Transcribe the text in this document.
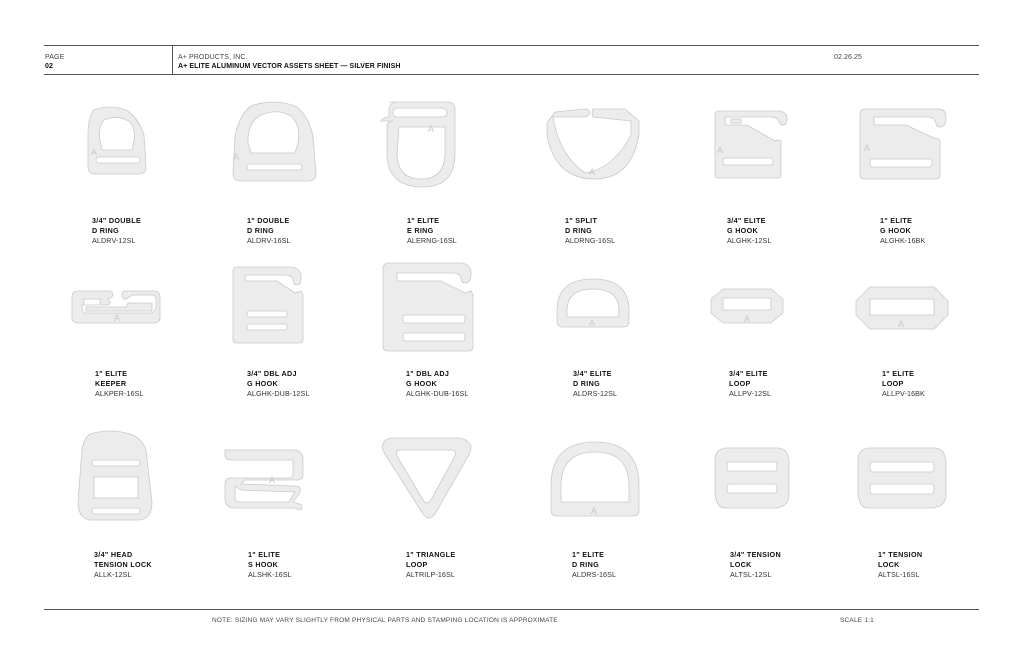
PAGE
02
A+ PRODUCTS, INC.
A+ ELITE ALUMINUM VECTOR ASSETS SHEET — SILVER FINISH
02.26.25
A
3/4" DOUBLE
D RING
ALDRV-12SL
A
1" DOUBLE
D RING
ALDRV-16SL
A
1" ELITE
E RING
ALERNG-16SL
A
1" SPLIT
D RING
ALDRNG-16SL
A
3/4" ELITE
G HOOK
ALGHK-12SL
A
1" ELITE
G HOOK
ALGHK-16BK
A
1" ELITE
KEEPER
ALKPER-16SL
3/4" DBL ADJ
G HOOK
ALGHK-DUB-12SL
1" DBL ADJ
G HOOK
ALGHK-DUB-16SL
A
3/4" ELITE
D RING
ALDRS-12SL
A
3/4" ELITE
LOOP
ALLPV-12SL
A
1" ELITE
LOOP
ALLPV-16BK
3/4" HEAD
TENSION LOCK
ALLK-12SL
A
1" ELITE
S HOOK
ALSHK-16SL
1" TRIANGLE
LOOP
ALTRILP-16SL
A
1" ELITE
D RING
ALDRS-16SL
3/4" TENSION
LOCK
ALTSL-12SL
1" TENSION
LOCK
ALTSL-16SL
NOTE: SIZING MAY VARY SLIGHTLY FROM PHYSICAL PARTS AND STAMPING LOCATION IS APPROXIMATE	SCALE 1:1
